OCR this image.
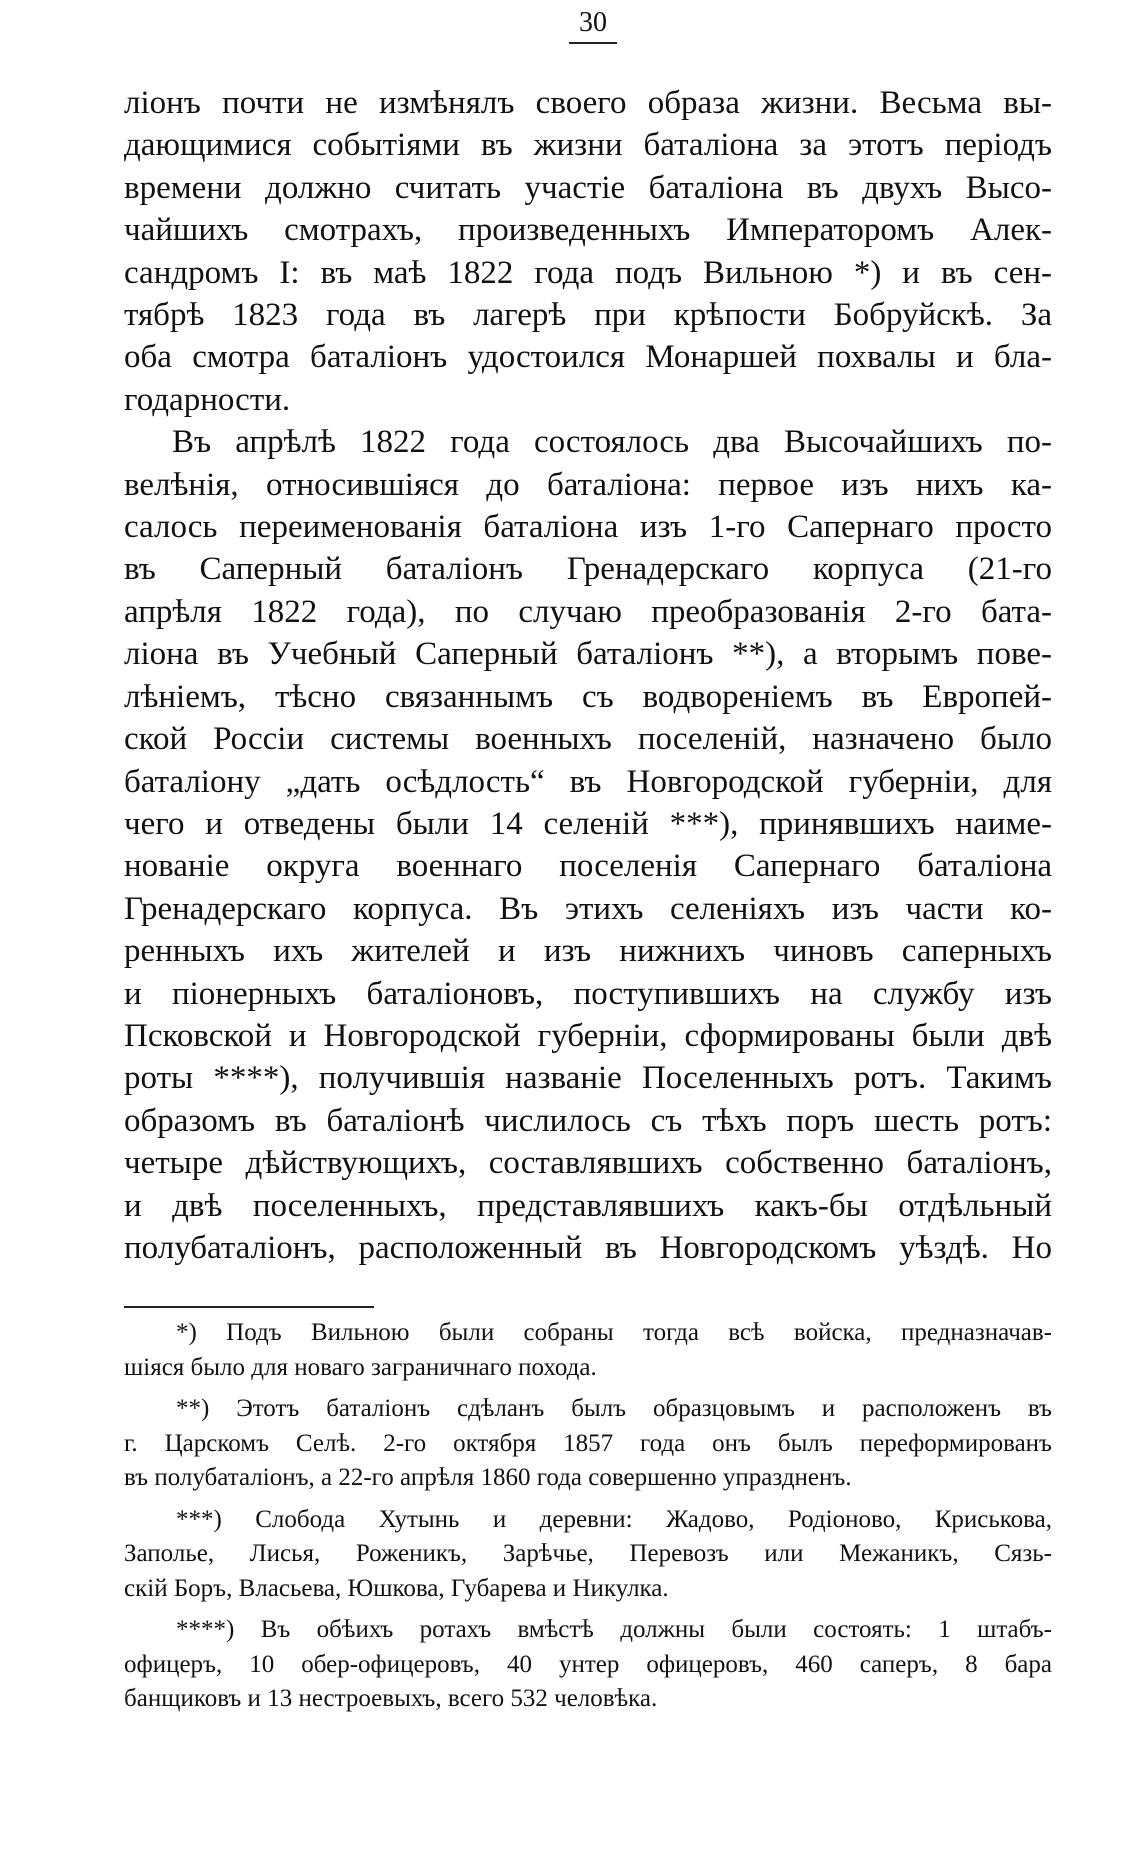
30
ліонъ почти не измѣнялъ своего образа жизни. Весьма вы-
дающимися событіями въ жизни баталіона за этотъ періодъ
времени должно считать участіе баталіона въ двухъ Высо-
чайшихъ смотрахъ, произведенныхъ Императоромъ Алек-
сандромъ I: въ маѣ 1822 года подъ Вильною *) и въ сен-
тябрѣ 1823 года въ лагерѣ при крѣпости Бобруйскѣ. За
оба смотра баталіонъ удостоился Монаршей похвалы и бла-
годарности.
Въ апрѣлѣ 1822 года состоялось два Высочайшихъ по-
велѣнія, относившіяся до баталіона: первое изъ нихъ ка-
салось переименованія баталіона изъ 1-го Сапернаго просто
въ Саперный баталіонъ Гренадерскаго корпуса (21-го
апрѣля 1822 года), по случаю преобразованія 2-го бата-
ліона въ Учебный Саперный баталіонъ **), а вторымъ пове-
лѣніемъ, тѣсно связаннымъ съ водвореніемъ въ Европей-
ской Россіи системы военныхъ поселеній, назначено было
баталіону „дать осѣдлость“ въ Новгородской губерніи, для
чего и отведены были 14 селеній ***), принявшихъ наиме-
нованіе округа военнаго поселенія Сапернаго баталіона
Гренадерскаго корпуса. Въ этихъ селеніяхъ изъ части ко-
ренныхъ ихъ жителей и изъ нижнихъ чиновъ саперныхъ
и піонерныхъ баталіоновъ, поступившихъ на службу изъ
Псковской и Новгородской губерніи, сформированы были двѣ
роты ****), получившія названіе Поселенныхъ ротъ. Такимъ
образомъ въ баталіонѣ числилось съ тѣхъ поръ шесть ротъ:
четыре дѣйствующихъ, составлявшихъ собственно баталіонъ,
и двѣ поселенныхъ, представлявшихъ какъ-бы отдѣльный
полубаталіонъ, расположенный въ Новгородскомъ уѣздѣ. Но
*) Подъ Вильною были собраны тогда всѣ войска, предназначав-
шіяся было для новаго заграничнаго похода.
**) Этотъ баталіонъ сдѣланъ былъ образцовымъ и расположенъ въ
г. Царскомъ Селѣ. 2-го октября 1857 года онъ былъ переформированъ
въ полубаталіонъ, а 22-го апрѣля 1860 года совершенно упраздненъ.
***) Слобода Хутынь и деревни: Жадово, Родіоново, Криськова,
Заполье, Лисья, Роженикъ, Зарѣчье, Перевозъ или Межаникъ, Сязь-
скій Боръ, Власьева, Юшкова, Губарева и Никулка.
****) Въ обѣихъ ротахъ вмѣстѣ должны были состоять: 1 штабъ-
офицеръ, 10 обер-офицеровъ, 40 унтер офицеровъ, 460 саперъ, 8 бара
банщиковъ и 13 нестроевыхъ, всего 532 человѣка.
